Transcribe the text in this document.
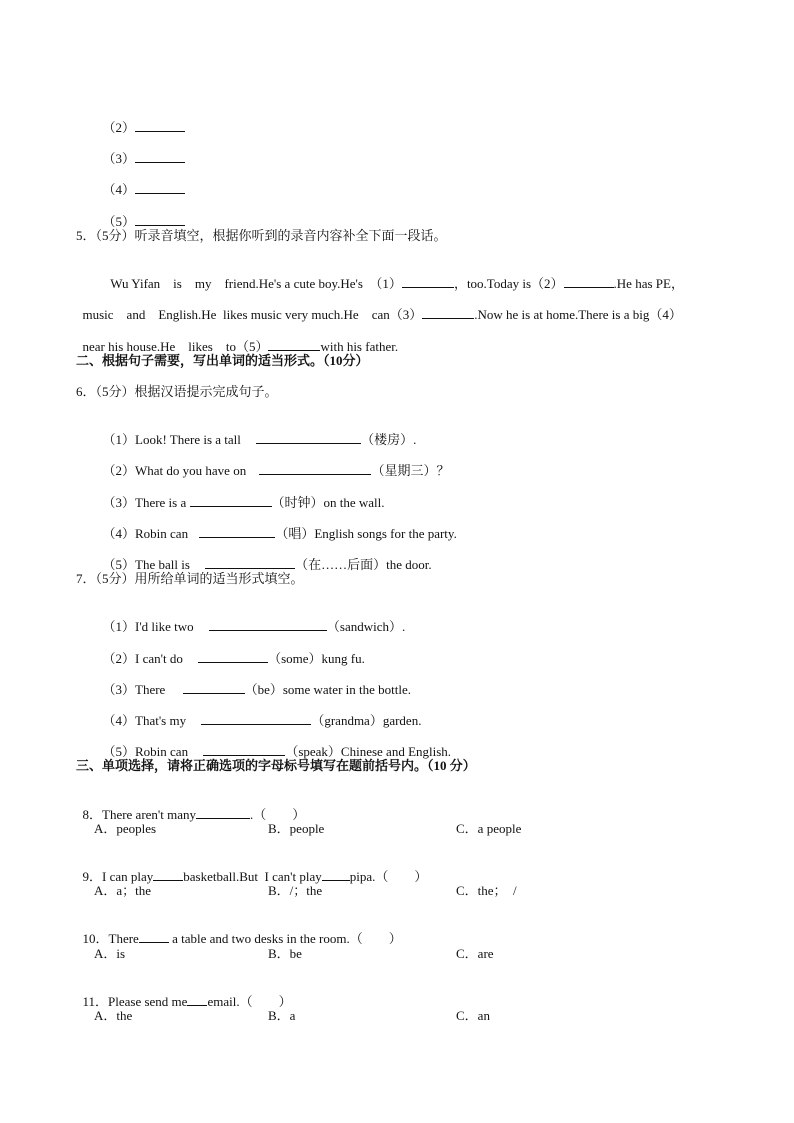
（2）

（3）

（4）

（5）

5．（5分）听录音填空，根据你听到的录音内容补全下面一段话。

Wu Yifan    is    my    friend.He's a cute boy.He's  （1）	，too.Today is（2）	.He has PE，

music    and    English.He  likes music very much.He    can（3）	.Now he is at home.There is a big（4）

near his house.He    likes    to（5）	with his father.

二、根据句子需要，写出单词的适当形式。（10分）
6．（5分）根据汉语提示完成句子。

（1）Look! There is a tall	（楼房）.

（2）What do you have on	（星期三）？

（3）There is a	（时钟）on the wall.

（4）Robin can	（唱）English songs for the party.

（5）The ball is	（在……后面）the door.

7．（5分）用所给单词的适当形式填空。

（1）I'd like two	（sandwich）.

（2）I can't do	（some）kung fu.

（3）There	（be）some water in the bottle.

（4）That's my	（grandma）garden.

（5）Robin can	（speak）Chinese and English.

三、单项选择，请将正确选项的字母标号填写在题前括号内。（10 分）

8．There aren't many	.（　　）

A．peoples	B．people	C．a people

9．I can play basketball.But  I can't play pipa.（　　）

A．a；the	B．/；the	C．the；  /

10．There a table and two desks in the room.（　　）

A．is	B．be	C．are

11．Please send me email.（　　）

A．the	B．a	C．an
